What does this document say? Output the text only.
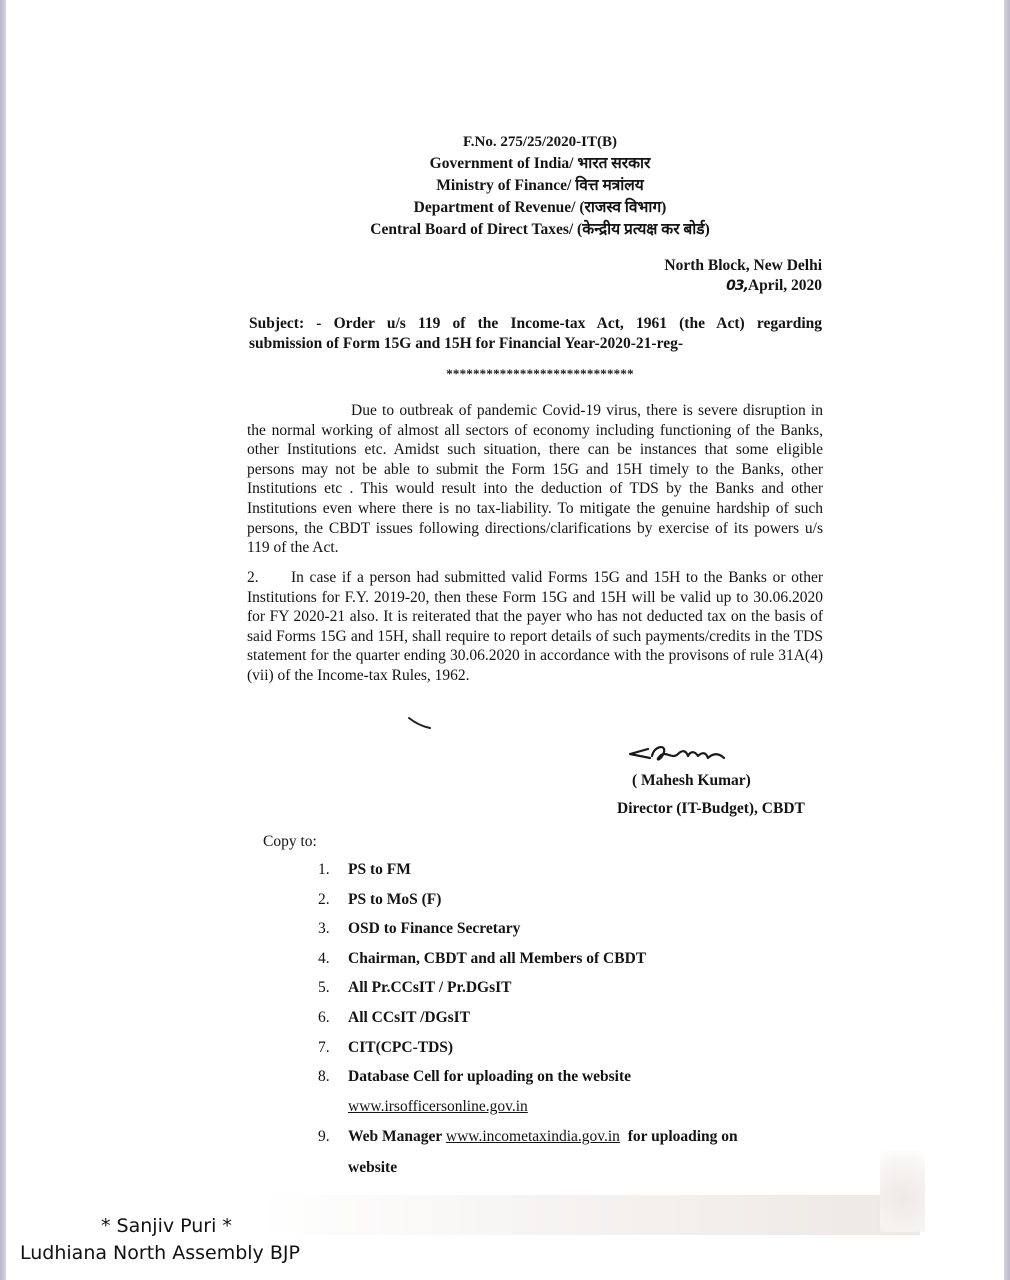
F.No. 275/25/2020-IT(B)
Government of India/ भारत सरकार
Ministry of Finance/ वित्त मत्रांलय
Department of Revenue/ (राजस्व विभाग)
Central Board of Direct Taxes/ (केन्द्रीय प्रत्यक्ष कर बोर्ड)
North Block, New Delhi
03,April, 2020
Subject: - Order u/s 119 of the Income-tax Act, 1961 (the Act) regarding
submission of Form 15G and 15H for Financial Year-2020-21-reg-
****************************
Due to outbreak of pandemic Covid-19 virus, there is severe disruption in the normal working of almost all sectors of economy including functioning of the Banks, other Institutions etc. Amidst such situation, there can be instances that some eligible persons may not be able to submit the Form 15G and 15H timely to the Banks, other Institutions etc . This would result into the deduction of TDS by the Banks and other Institutions even where there is no tax-liability. To mitigate the genuine hardship of such persons, the CBDT issues following directions/clarifications by exercise of its powers u/s 119 of the Act.
2. In case if a person had submitted valid Forms 15G and 15H to the Banks or other Institutions for F.Y. 2019-20, then these Form 15G and 15H will be valid up to 30.06.2020 for FY 2020-21 also. It is reiterated that the payer who has not deducted tax on the basis of said Forms 15G and 15H, shall require to report details of such payments/credits in the TDS statement for the quarter ending 30.06.2020 in accordance with the provisons of rule 31A(4)(vii) of the Income-tax Rules, 1962.
( Mahesh Kumar)
Director (IT-Budget), CBDT
Copy to:
1.	PS to FM
2.	PS to MoS (F)
3.	OSD to Finance Secretary
4.	Chairman, CBDT and all Members of CBDT
5.	All Pr.CCsIT / Pr.DGsIT
6.	All CCsIT /DGsIT
7.	CIT(CPC-TDS)
8.	Database Cell for uploading on the website
www.irsofficersonline.gov.in
9.	Web Manager www.incometaxindia.gov.in for uploading on
website
* Sanjiv Puri *
Ludhiana North Assembly BJP
